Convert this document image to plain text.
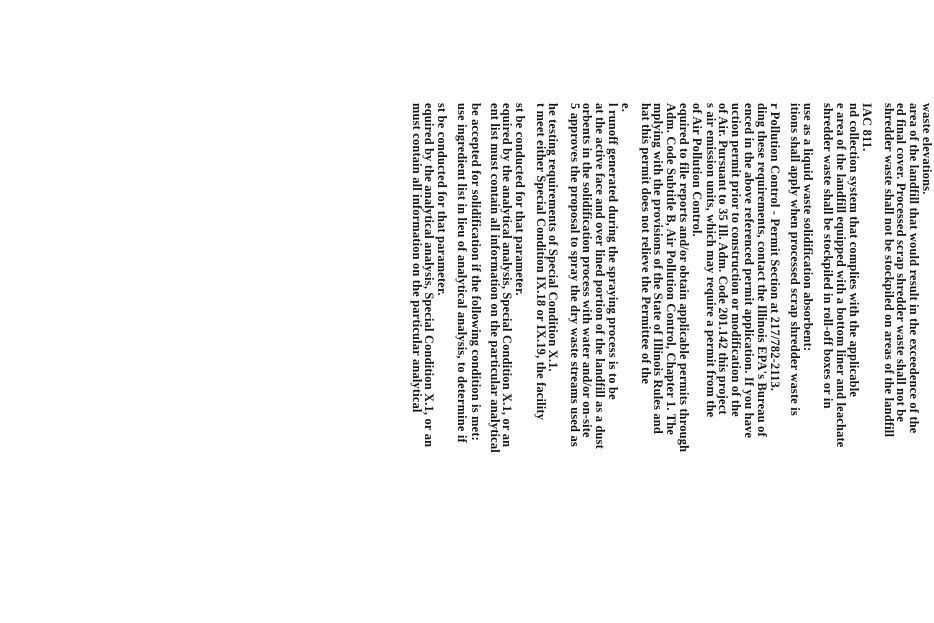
must contain all information on the particular analytical
equired by the analytical analysis, Special Condition X.1, or an st be conducted for that parameter. use ingredient list in lieu of analytical analysis, to determine if be accepted for solidification if the following condition is met: ent list must contain all information on the particular analytical
equired by the analytical analysis, Special Condition X.1, or an st be conducted for that parameter. t meet either Special Condition IX.18 or IX.19, the facility
he testing requirements of Special Condition X.1. 5 approves the proposal to spray the dry waste streams used as
orbents in the solidification process with water and/or on-site at the active face and over lined portion of the landfill as a dust l runoff generated during the spraying process is to be e. hat this permit does not relieve the Permittee of the
mplying with the provisions of the State of Illinois Rules and Adm. Code Subtitle B, Air Pollution Control, Chapter 1. The equired to file reports and/or obtain applicable permits through of Air Pollution Control. s air emission units, which may require a permit from the
of Air. Pursuant to 35 Ill. Adm. Code 201.142 this project uction permit prior to construction or modification of the enced in the above referenced permit application. If you have ding these requirements, contact the Illinois EPA's Bureau of r Pollution Control - Permit Section at 217/782-2113. itions shall apply when processed scrap shredder waste is use as a liquid waste solidification absorbent: shredder waste shall be stockpiled in roll-off boxes or in e area of the landfill equipped with a bottom liner and leachate nd collection system that complies with the applicable IAC 811. shredder waste shall not be stockpiled on areas of the landfill
ed final cover. Processed scrap shredder waste shall not be area of the landfill that would result in the exceedence of the waste elevations.
